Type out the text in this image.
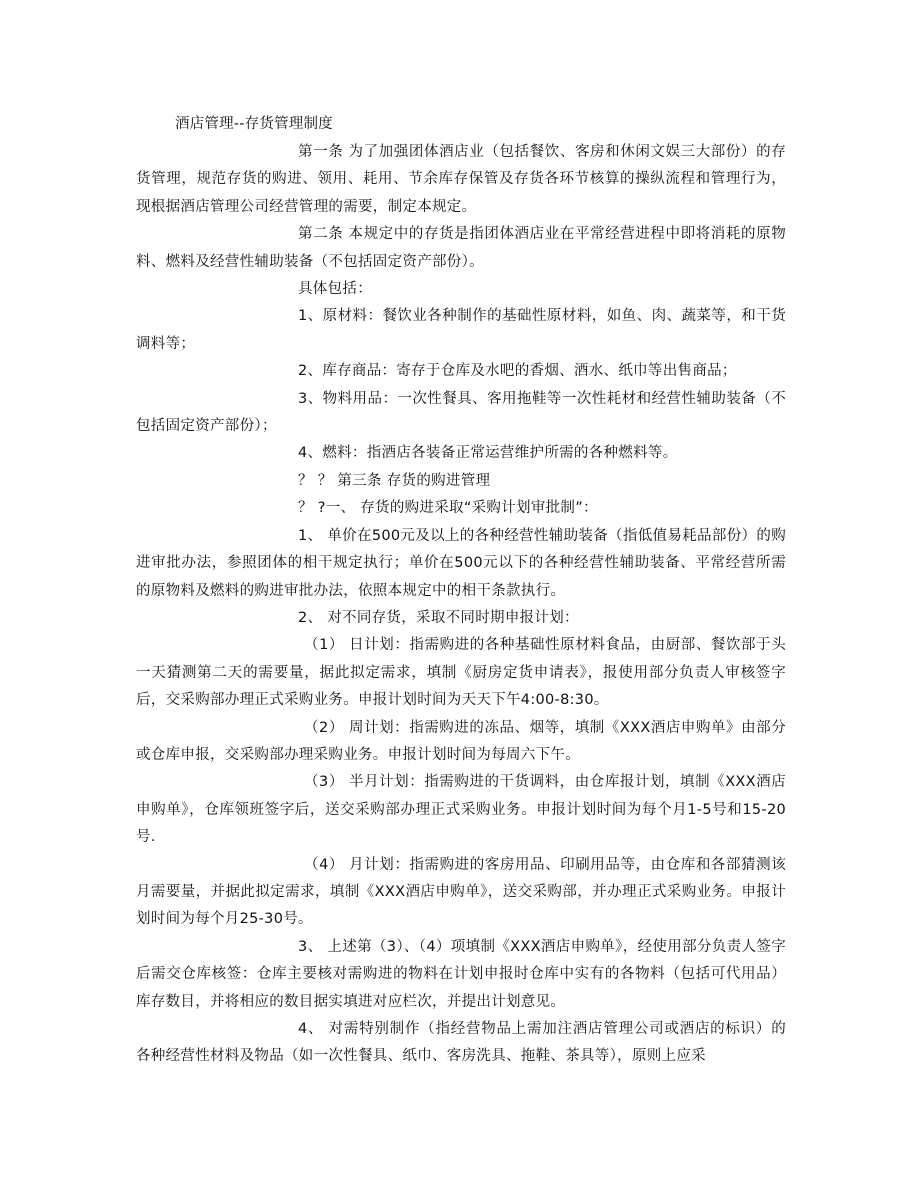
酒店管理--存货管理制度

第一条 为了加强团体酒店业（包括餐饮、客房和休闲文娱三大部份）的存货管理，规范存货的购进、领用、耗用、节余库存保管及存货各环节核算的操纵流程和管理行为，现根据酒店管理公司经营管理的需要，制定本规定。

第二条 本规定中的存货是指团体酒店业在平常经营进程中即将消耗的原物料、燃料及经营性辅助装备（不包括固定资产部份）。

具体包括：

1、原材料：餐饮业各种制作的基础性原材料，如鱼、肉、蔬菜等，和干货调料等；

2、库存商品：寄存于仓库及水吧的香烟、酒水、纸巾等出售商品；

3、物料用品：一次性餐具、客用拖鞋等一次性耗材和经营性辅助装备（不包括固定资产部份）；

4、燃料：指酒店各装备正常运营维护所需的各种燃料等。

？ ？ 第三条 存货的购进管理

？ ?一、 存货的购进采取“采购计划审批制”：

1、 单价在500元及以上的各种经营性辅助装备（指低值易耗品部份）的购进审批办法，参照团体的相干规定执行；单价在500元以下的各种经营性辅助装备、平常经营所需的原物料及燃料的购进审批办法，依照本规定中的相干条款执行。

2、 对不同存货，采取不同时期申报计划：

（1） 日计划：指需购进的各种基础性原材料食品，由厨部、餐饮部于头一天猜测第二天的需要量，据此拟定需求，填制《厨房定货申请表》，报使用部分负责人审核签字后，交采购部办理正式采购业务。申报计划时间为天天下午4:00-8:30。

（2） 周计划：指需购进的冻品、烟等，填制《XXX酒店申购单》由部分或仓库申报，交采购部办理采购业务。申报计划时间为每周六下午。

（3） 半月计划：指需购进的干货调料，由仓库报计划，填制《XXX酒店申购单》，仓库领班签字后，送交采购部办理正式采购业务。申报计划时间为每个月1-5号和15-20号.

（4） 月计划：指需购进的客房用品、印刷用品等，由仓库和各部猜测该月需要量，并据此拟定需求，填制《XXX酒店申购单》，送交采购部，并办理正式采购业务。申报计划时间为每个月25-30号。

3、 上述第（3）、（4）项填制《XXX酒店申购单》，经使用部分负责人签字后需交仓库核签：仓库主要核对需购进的物料在计划申报时仓库中实有的各物料（包括可代用品）库存数目，并将相应的数目据实填进对应栏次，并提出计划意见。

4、 对需特别制作（指经营物品上需加注酒店管理公司或酒店的标识）的各种经营性材料及物品（如一次性餐具、纸巾、客房洗具、拖鞋、茶具等），原则上应采
